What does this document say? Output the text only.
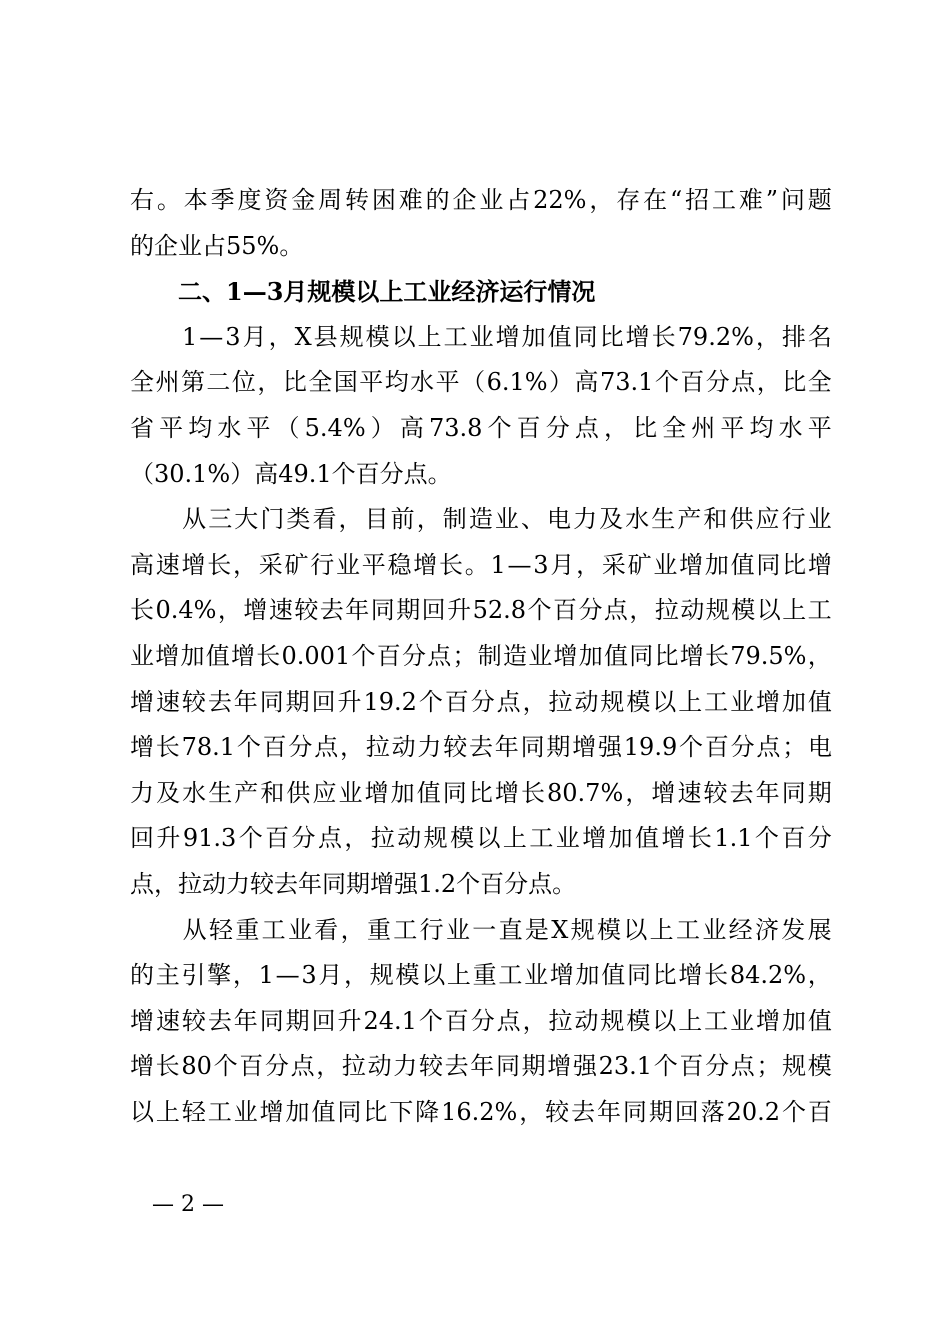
右 。 本 季 度 资 金 周 转 困 难 的 企 业 占 22% ， 存 在 “ 招 工 难 ” 问 题
的企业占55%。
　　二、1—3月规模以上工业经济运行情况

1 — 3 月 ， X 县 规 模 以 上 工 业 增 加 值 同 比 增 长 79.2% ， 排 名
全 州 第 二 位 ， 比 全 国 平 均 水 平 （ 6.1% ） 高 73.1 个 百 分 点 ， 比 全
省 平 均 水 平 （ 5.4% ） 高 73.8 个 百 分 点 ， 比 全 州 平 均 水 平
（30.1%）高49.1个百分点。

从 三 大 门 类 看 ， 目 前 ， 制 造 业 、 电 力 及 水 生 产 和 供 应 行 业
高 速 增 长 ， 采 矿 行 业 平 稳 增 长 。 1 — 3 月 ， 采 矿 业 增 加 值 同 比 增
长 0.4% ， 增 速 较 去 年 同 期 回 升 52.8 个 百 分 点 ， 拉 动 规 模 以 上 工
业 增 加 值 增 长 0.001 个 百 分 点 ； 制 造 业 增 加 值 同 比 增 长 79.5% ，
增 速 较 去 年 同 期 回 升 19.2 个 百 分 点 ， 拉 动 规 模 以 上 工 业 增 加 值
增 长 78.1 个 百 分 点 ， 拉 动 力 较 去 年 同 期 增 强 19.9 个 百 分 点 ； 电
力 及 水 生 产 和 供 应 业 增 加 值 同 比 增 长 80.7% ， 增 速 较 去 年 同 期
回 升 91.3 个 百 分 点 ， 拉 动 规 模 以 上 工 业 增 加 值 增 长 1.1 个 百 分
点，拉动力较去年同期增强1.2个百分点。

从 轻 重 工 业 看 ， 重 工 行 业 一 直 是 X 规 模 以 上 工 业 经 济 发 展
的 主 引 擎 ， 1 — 3 月 ， 规 模 以 上 重 工 业 增 加 值 同 比 增 长 84.2% ，
增 速 较 去 年 同 期 回 升 24.1 个 百 分 点 ， 拉 动 规 模 以 上 工 业 增 加 值
增 长 80 个 百 分 点 ， 拉 动 力 较 去 年 同 期 增 强 23.1 个 百 分 点 ； 规 模
以 上 轻 工 业 增 加 值 同 比 下 降 16.2% ， 较 去 年 同 期 回 落 20.2 个 百
— 2 —
